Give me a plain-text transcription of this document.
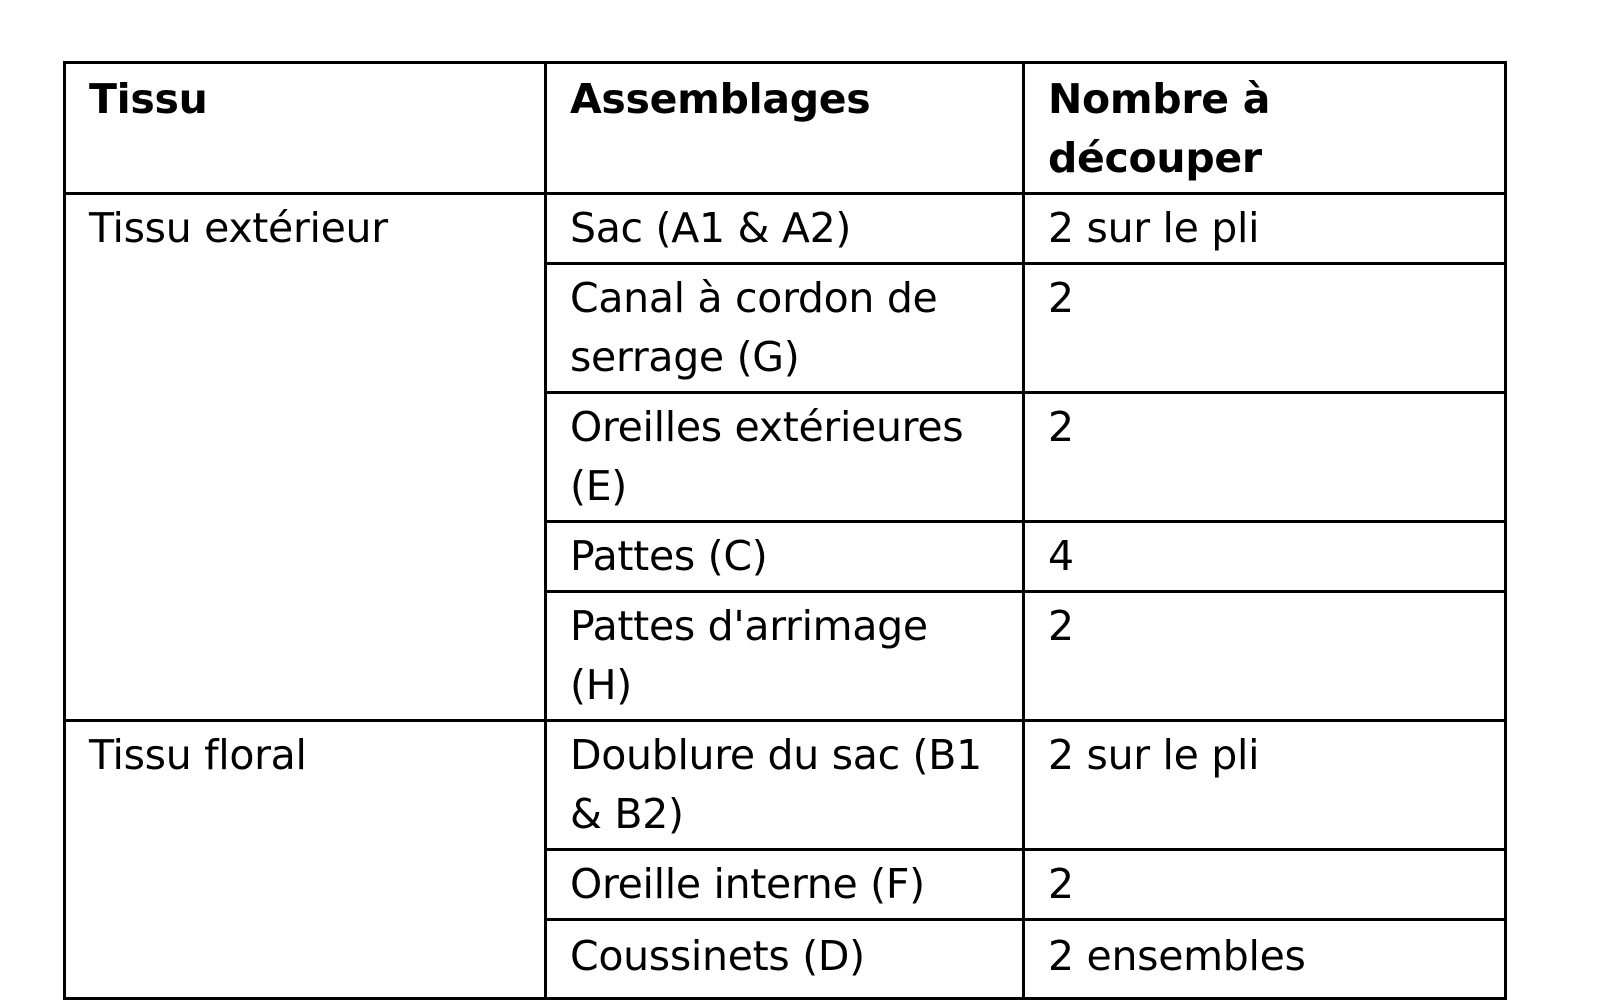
Tissu	Assemblages	Nombre à découper
Tissu extérieur	Sac (A1 & A2)	2 sur le pli
	Canal à cordon de serrage (G)	2
	Oreilles extérieures (E)	2
	Pattes (C)	4
	Pattes d'arrimage (H)	2
Tissu floral	Doublure du sac (B1 & B2)	2 sur le pli
	Oreille interne (F)	2
	Coussinets (D)	2 ensembles
